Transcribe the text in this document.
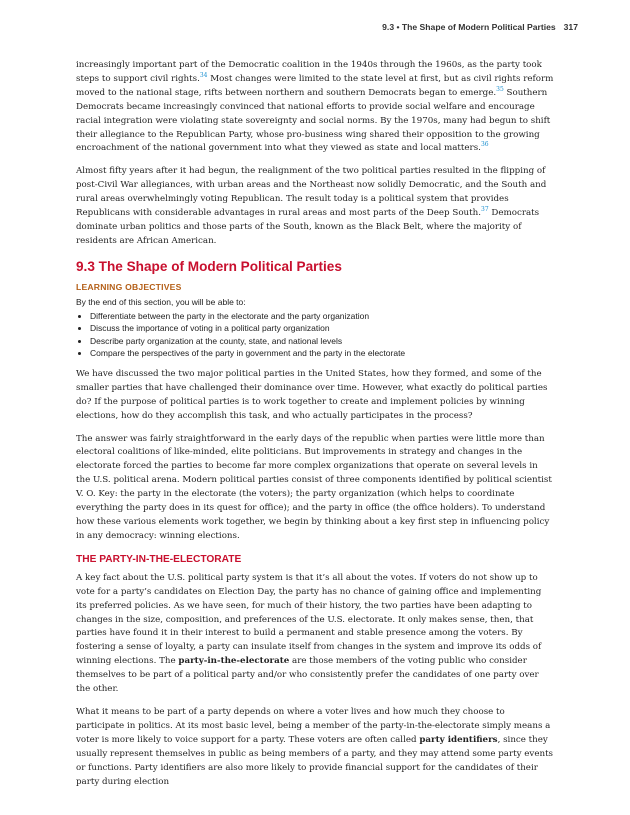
9.3 • The Shape of Modern Political Parties 317

increasingly important part of the Democratic coalition in the 1940s through the 1960s, as the party took steps to support civil rights.$^{34}$ Most changes were limited to the state level at first, but as civil rights reform moved to the national stage, rifts between northern and southern Democrats began to emerge.$^{35}$ Southern Democrats became increasingly convinced that national efforts to provide social welfare and encourage racial integration were violating state sovereignty and social norms. By the 1970s, many had begun to shift their allegiance to the Republican Party, whose pro-business wing shared their opposition to the growing encroachment of the national government into what they viewed as state and local matters.$^{36}$

Almost fifty years after it had begun, the realignment of the two political parties resulted in the flipping of post-Civil War allegiances, with urban areas and the Northeast now solidly Democratic, and the South and rural areas overwhelmingly voting Republican. The result today is a political system that provides Republicans with considerable advantages in rural areas and most parts of the Deep South.$^{37}$ Democrats dominate urban politics and those parts of the South, known as the Black Belt, where the majority of residents are African American.

9.3 The Shape of Modern Political Parties
LEARNING OBJECTIVES
By the end of this section, you will be able to:
• Differentiate between the party in the electorate and the party organization
• Discuss the importance of voting in a political party organization
• Describe party organization at the county, state, and national levels
• Compare the perspectives of the party in government and the party in the electorate

We have discussed the two major political parties in the United States, how they formed, and some of the smaller parties that have challenged their dominance over time. However, what exactly do political parties do? If the purpose of political parties is to work together to create and implement policies by winning elections, how do they accomplish this task, and who actually participates in the process?

The answer was fairly straightforward in the early days of the republic when parties were little more than electoral coalitions of like-minded, elite politicians. But improvements in strategy and changes in the electorate forced the parties to become far more complex organizations that operate on several levels in the U.S. political arena. Modern political parties consist of three components identified by political scientist V. O. Key: the party in the electorate (the voters); the party organization (which helps to coordinate everything the party does in its quest for office); and the party in office (the office holders). To understand how these various elements work together, we begin by thinking about a key first step in influencing policy in any democracy: winning elections.

THE PARTY-IN-THE-ELECTORATE

A key fact about the U.S. political party system is that it’s all about the votes. If voters do not show up to vote for a party’s candidates on Election Day, the party has no chance of gaining office and implementing its preferred policies. As we have seen, for much of their history, the two parties have been adapting to changes in the size, composition, and preferences of the U.S. electorate. It only makes sense, then, that parties have found it in their interest to build a permanent and stable presence among the voters. By fostering a sense of loyalty, a party can insulate itself from changes in the system and improve its odds of winning elections. The party-in-the-electorate are those members of the voting public who consider themselves to be part of a political party and/or who consistently prefer the candidates of one party over the other.

What it means to be part of a party depends on where a voter lives and how much they choose to participate in politics. At its most basic level, being a member of the party-in-the-electorate simply means a voter is more likely to voice support for a party. These voters are often called party identifiers, since they usually represent themselves in public as being members of a party, and they may attend some party events or functions. Party identifiers are also more likely to provide financial support for the candidates of their party during election
